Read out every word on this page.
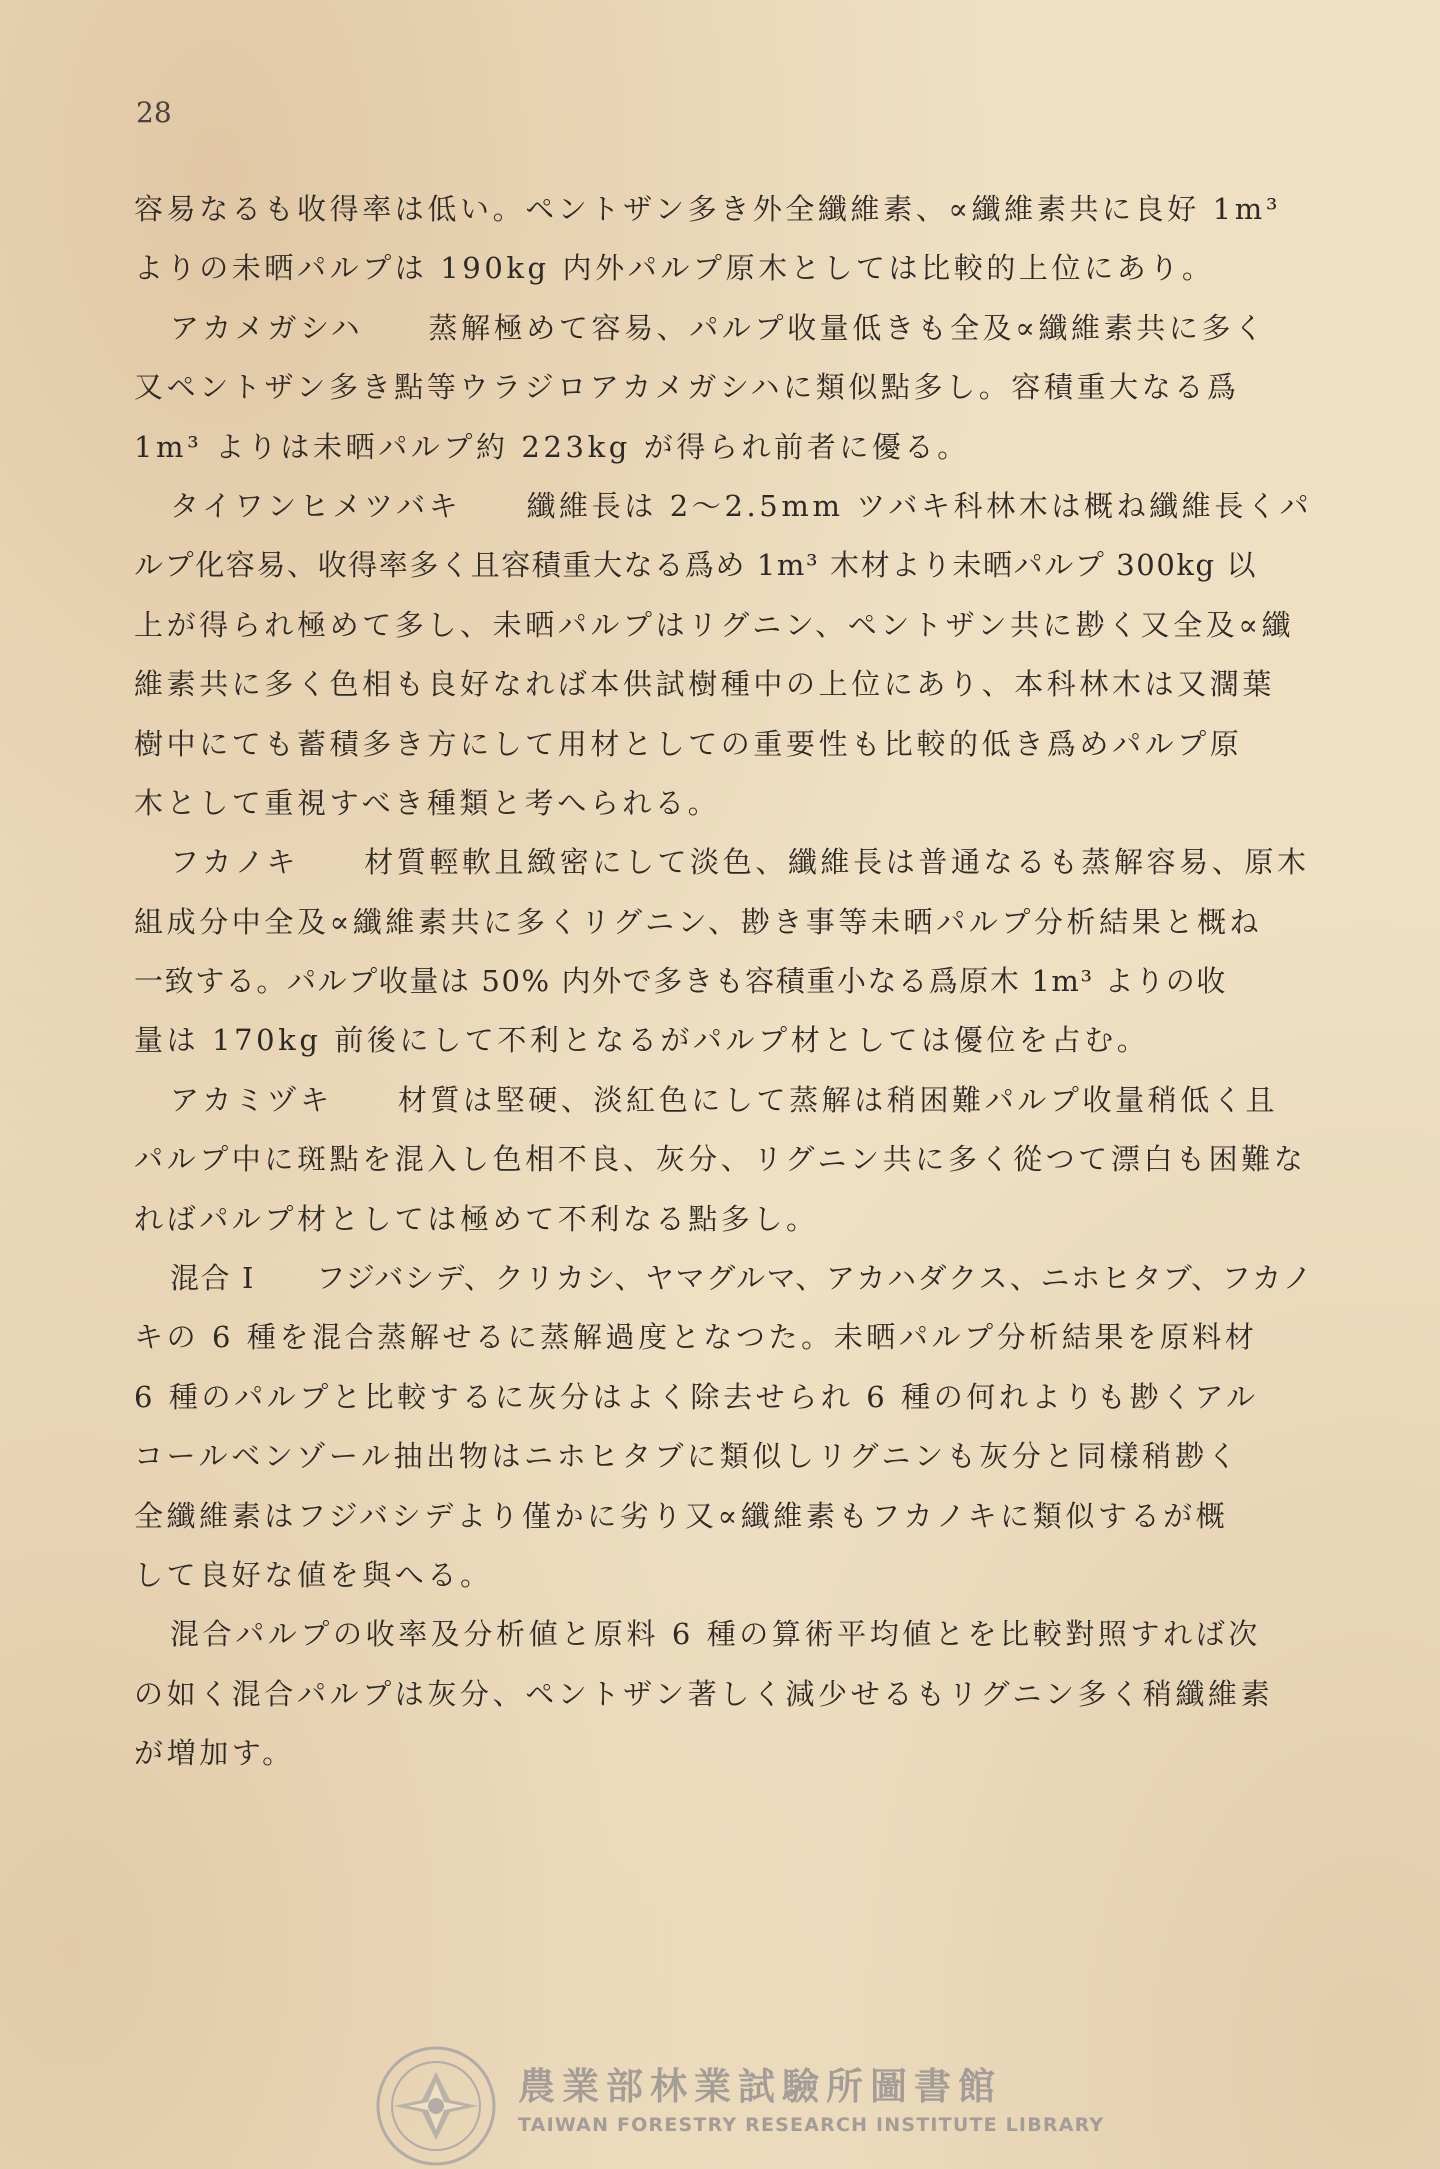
28
容易なるも收得率は低い。ペントザン多き外全纖維素、∝纖維素共に良好 1m³
よりの未晒パルプは 190kg 内外パルプ原木としては比較的上位にあり。
アカメガシハ　　蒸解極めて容易、パルプ收量低きも全及∝纖維素共に多く
又ペントザン多き點等ウラジロアカメガシハに類似點多し。容積重大なる爲
1m³ よりは未晒パルプ約 223kg が得られ前者に優る。
タイワンヒメツバキ　　纖維長は 2～2.5mm ツバキ科林木は概ね纖維長くパ
ルプ化容易、收得率多く且容積重大なる爲め 1m³ 木材より未晒パルプ 300kg 以
上が得られ極めて多し、未晒パルプはリグニン、ペントザン共に尠く又全及∝纖
維素共に多く色相も良好なれば本供試樹種中の上位にあり、本科林木は又濶葉
樹中にても蓄積多き方にして用材としての重要性も比較的低き爲めパルプ原
木として重視すべき種類と考へられる。
フカノキ　　材質輕軟且緻密にして淡色、纖維長は普通なるも蒸解容易、原木
組成分中全及∝纖維素共に多くリグニン、尠き事等未晒パルプ分析結果と概ね
一致する。パルプ收量は 50% 内外で多きも容積重小なる爲原木 1m³ よりの收
量は 170kg 前後にして不利となるがパルプ材としては優位を占む。
アカミヅキ　　材質は堅硬、淡紅色にして蒸解は稍困難パルプ收量稍低く且
パルプ中に斑點を混入し色相不良、灰分、リグニン共に多く從つて漂白も困難な
ればパルプ材としては極めて不利なる點多し。
混合 I　　フジバシデ、クリカシ、ヤマグルマ、アカハダクス、ニホヒタブ、フカノ
キの 6 種を混合蒸解せるに蒸解過度となつた。未晒パルプ分析結果を原料材
6 種のパルプと比較するに灰分はよく除去せられ 6 種の何れよりも尠くアル
コールベンゾール抽出物はニホヒタブに類似しリグニンも灰分と同樣稍尠く
全纖維素はフジバシデより僅かに劣り又∝纖維素もフカノキに類似するが概
して良好な値を與へる。
混合パルプの收率及分析値と原料 6 種の算術平均値とを比較對照すれば次
の如く混合パルプは灰分、ペントザン著しく減少せるもリグニン多く稍纖維素
が増加す。
農業部林業試驗所圖書館
TAIWAN FORESTRY RESEARCH INSTITUTE LIBRARY
